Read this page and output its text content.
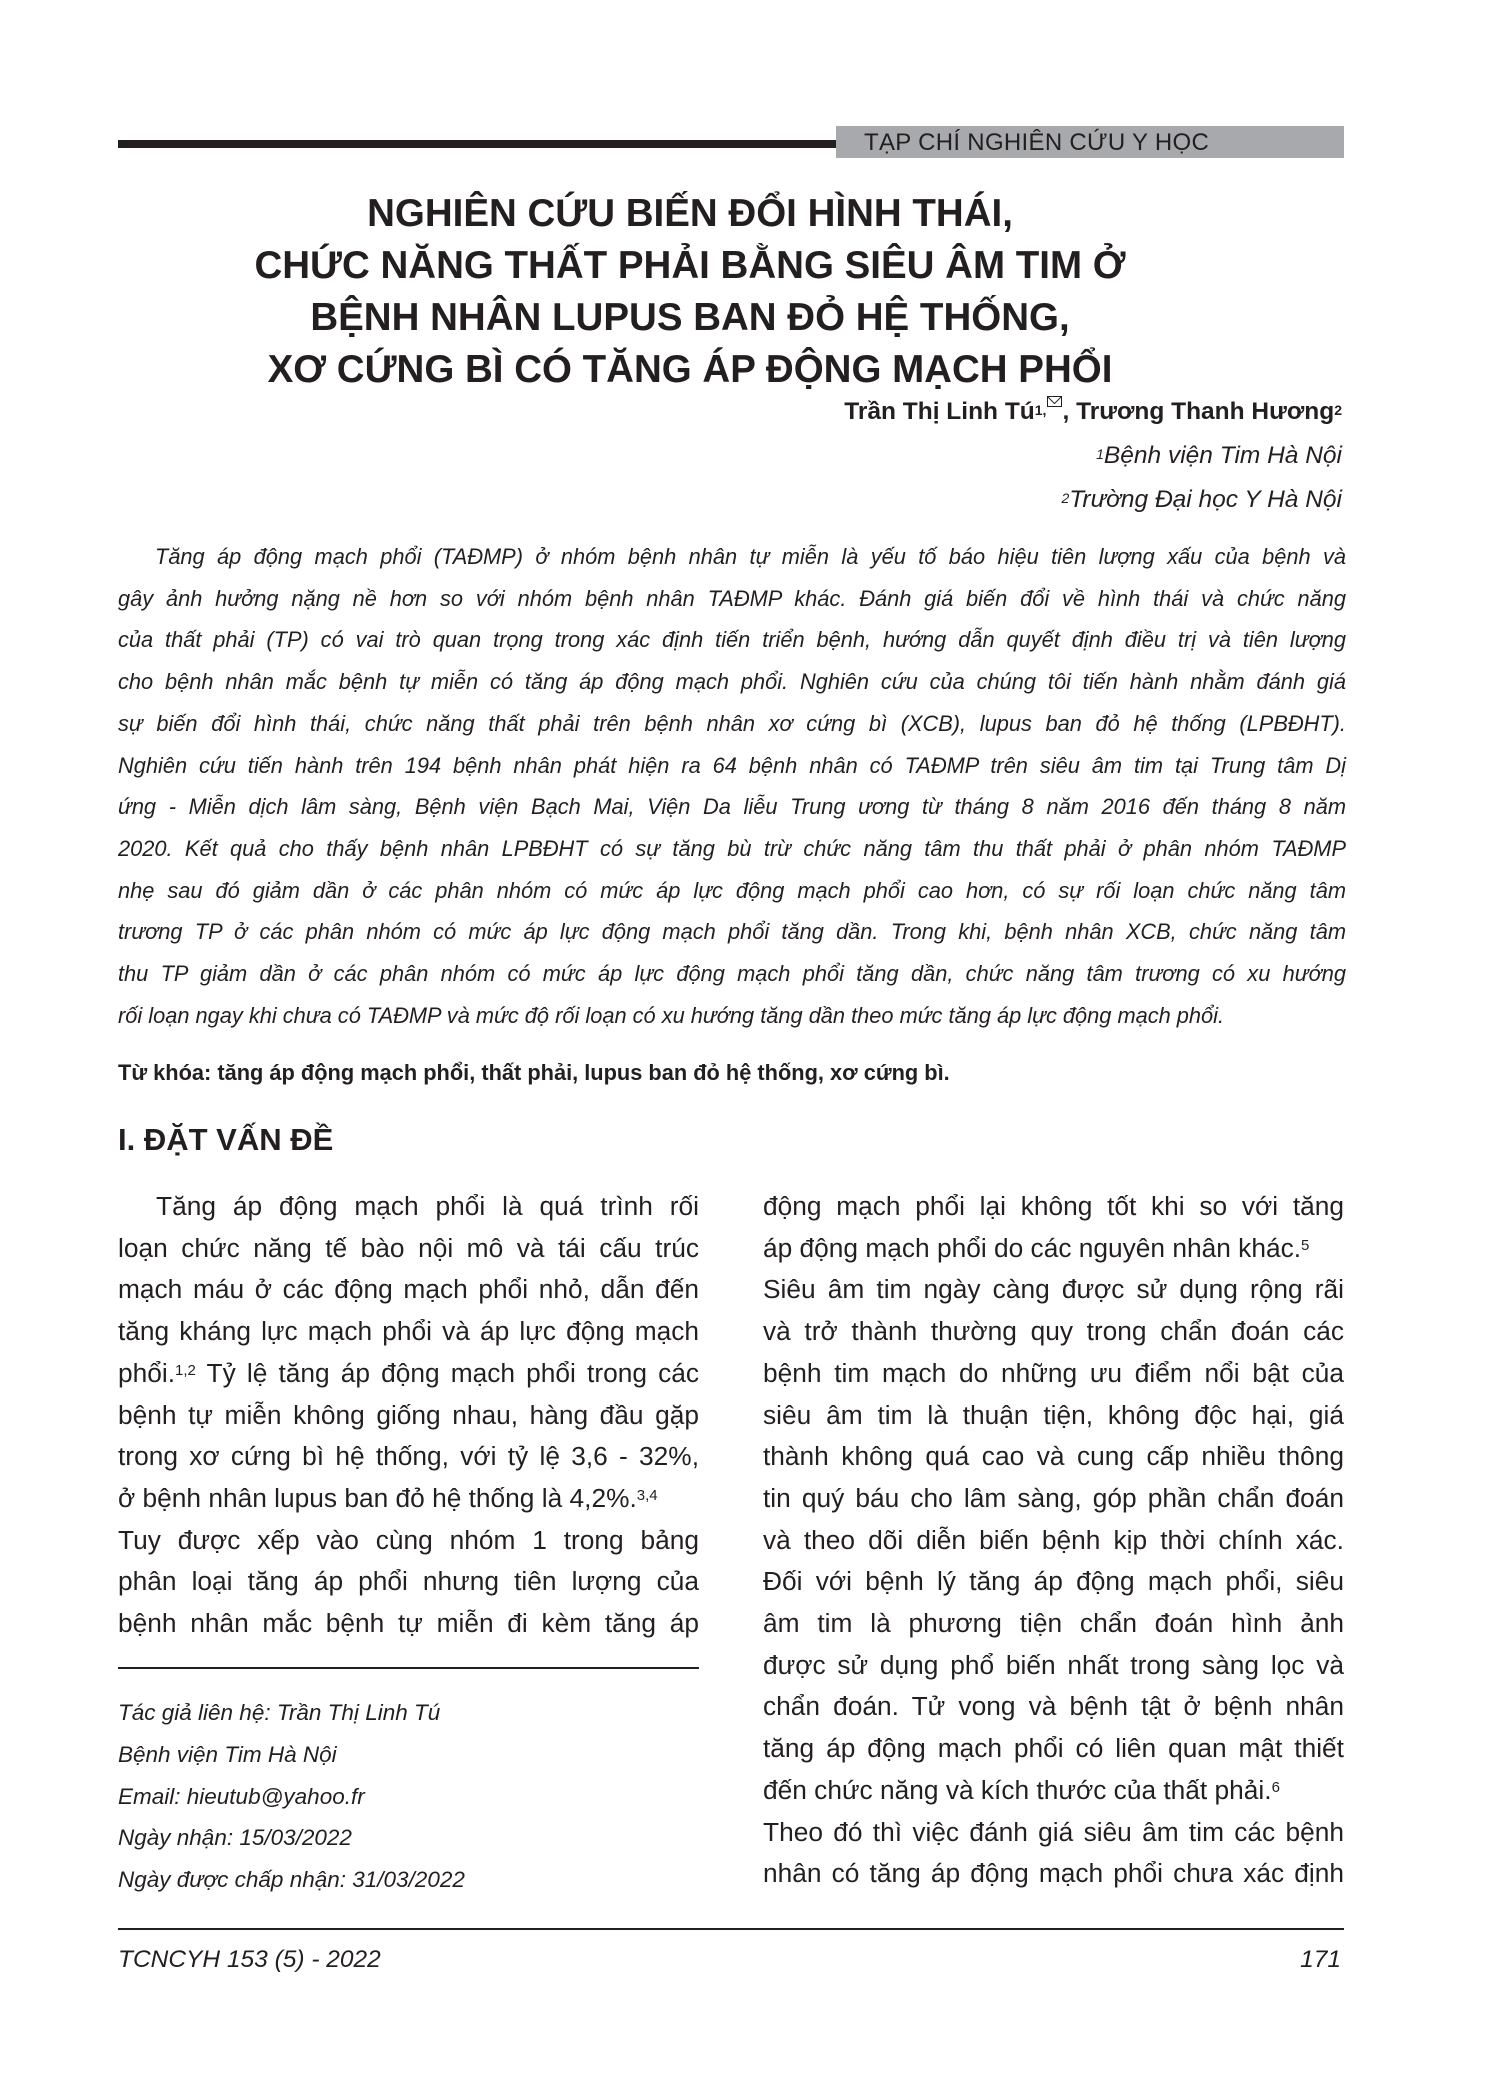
TẠP CHÍ NGHIÊN CỨU Y HỌC
NGHIÊN CỨU BIẾN ĐỔI HÌNH THÁI,
CHỨC NĂNG THẤT PHẢI BẰNG SIÊU ÂM TIM Ở
BỆNH NHÂN LUPUS BAN ĐỎ HỆ THỐNG,
XƠ CỨNG BÌ CÓ TĂNG ÁP ĐỘNG MẠCH PHỔI
Trần Thị Linh $Tú^{1,}$ , Trương Thanh Hương$^2$
$^1$Bệnh viện Tim Hà Nội
$^2$Trường Đại học Y Hà Nội
Tăng áp động mạch phổi (TAĐMP) ở nhóm bệnh nhân tự miễn là yếu tố báo hiệu tiên lượng xấu của bệnh và
gây ảnh hưởng nặng nề hơn so với nhóm bệnh nhân TAĐMP khác. Đánh giá biến đổi về hình thái và chức năng
của thất phải (TP) có vai trò quan trọng trong xác định tiến triển bệnh, hướng dẫn quyết định điều trị và tiên lượng
cho bệnh nhân mắc bệnh tự miễn có tăng áp động mạch phổi. Nghiên cứu của chúng tôi tiến hành nhằm đánh giá
sự biến đổi hình thái, chức năng thất phải trên bệnh nhân xơ cứng bì (XCB), lupus ban đỏ hệ thống (LPBĐHT).
Nghiên cứu tiến hành trên 194 bệnh nhân phát hiện ra 64 bệnh nhân có TAĐMP trên siêu âm tim tại Trung tâm Dị
ứng - Miễn dịch lâm sàng, Bệnh viện Bạch Mai, Viện Da liễu Trung ương từ tháng 8 năm 2016 đến tháng 8 năm
2020. Kết quả cho thấy bệnh nhân LPBĐHT có sự tăng bù trừ chức năng tâm thu thất phải ở phân nhóm TAĐMP
nhẹ sau đó giảm dần ở các phân nhóm có mức áp lực động mạch phổi cao hơn, có sự rối loạn chức năng tâm
trương TP ở các phân nhóm có mức áp lực động mạch phổi tăng dần. Trong khi, bệnh nhân XCB, chức năng tâm
thu TP giảm dần ở các phân nhóm có mức áp lực động mạch phổi tăng dần, chức năng tâm trương có xu hướng
rối loạn ngay khi chưa có TAĐMP và mức độ rối loạn có xu hướng tăng dần theo mức tăng áp lực động mạch phổi.
Từ khóa: tăng áp động mạch phổi, thất phải, lupus ban đỏ hệ thống, xơ cứng bì.
I. ĐẶT VẤN ĐỀ
Tăng áp động mạch phổi là quá trình rối
loạn chức năng tế bào nội mô và tái cấu trúc
mạch máu ở các động mạch phổi nhỏ, dẫn đến
tăng kháng lực mạch phổi và áp lực động mạch
phổi.$^{1,2}$ Tỷ lệ tăng áp động mạch phổi trong các
bệnh tự miễn không giống nhau, hàng đầu gặp
trong xơ cứng bì hệ thống, với tỷ lệ 3,6 - 32%,
ở bệnh nhân lupus ban đỏ hệ thống là 4,2%.$^{3,4}$
Tuy được xếp vào cùng nhóm 1 trong bảng
phân loại tăng áp phổi nhưng tiên lượng của
bệnh nhân mắc bệnh tự miễn đi kèm tăng áp
Tác giả liên hệ: Trần Thị Linh Tú
Bệnh viện Tim Hà Nội
Email: hieutub@yahoo.fr
Ngày nhận: 15/03/2022
Ngày được chấp nhận: 31/03/2022
động mạch phổi lại không tốt khi so với tăng
áp động mạch phổi do các nguyên nhân khác.$^5$
Siêu âm tim ngày càng được sử dụng rộng rãi
và trở thành thường quy trong chẩn đoán các
bệnh tim mạch do những ưu điểm nổi bật của
siêu âm tim là thuận tiện, không độc hại, giá
thành không quá cao và cung cấp nhiều thông
tin quý báu cho lâm sàng, góp phần chẩn đoán
và theo dõi diễn biến bệnh kịp thời chính xác.
Đối với bệnh lý tăng áp động mạch phổi, siêu
âm tim là phương tiện chẩn đoán hình ảnh
được sử dụng phổ biến nhất trong sàng lọc và
chẩn đoán. Tử vong và bệnh tật ở bệnh nhân
tăng áp động mạch phổi có liên quan mật thiết
đến chức năng và kích thước của thất phải.$^6$
Theo đó thì việc đánh giá siêu âm tim các bệnh
nhân có tăng áp động mạch phổi chưa xác định
TCNCYH 153 (5) - 2022	171
